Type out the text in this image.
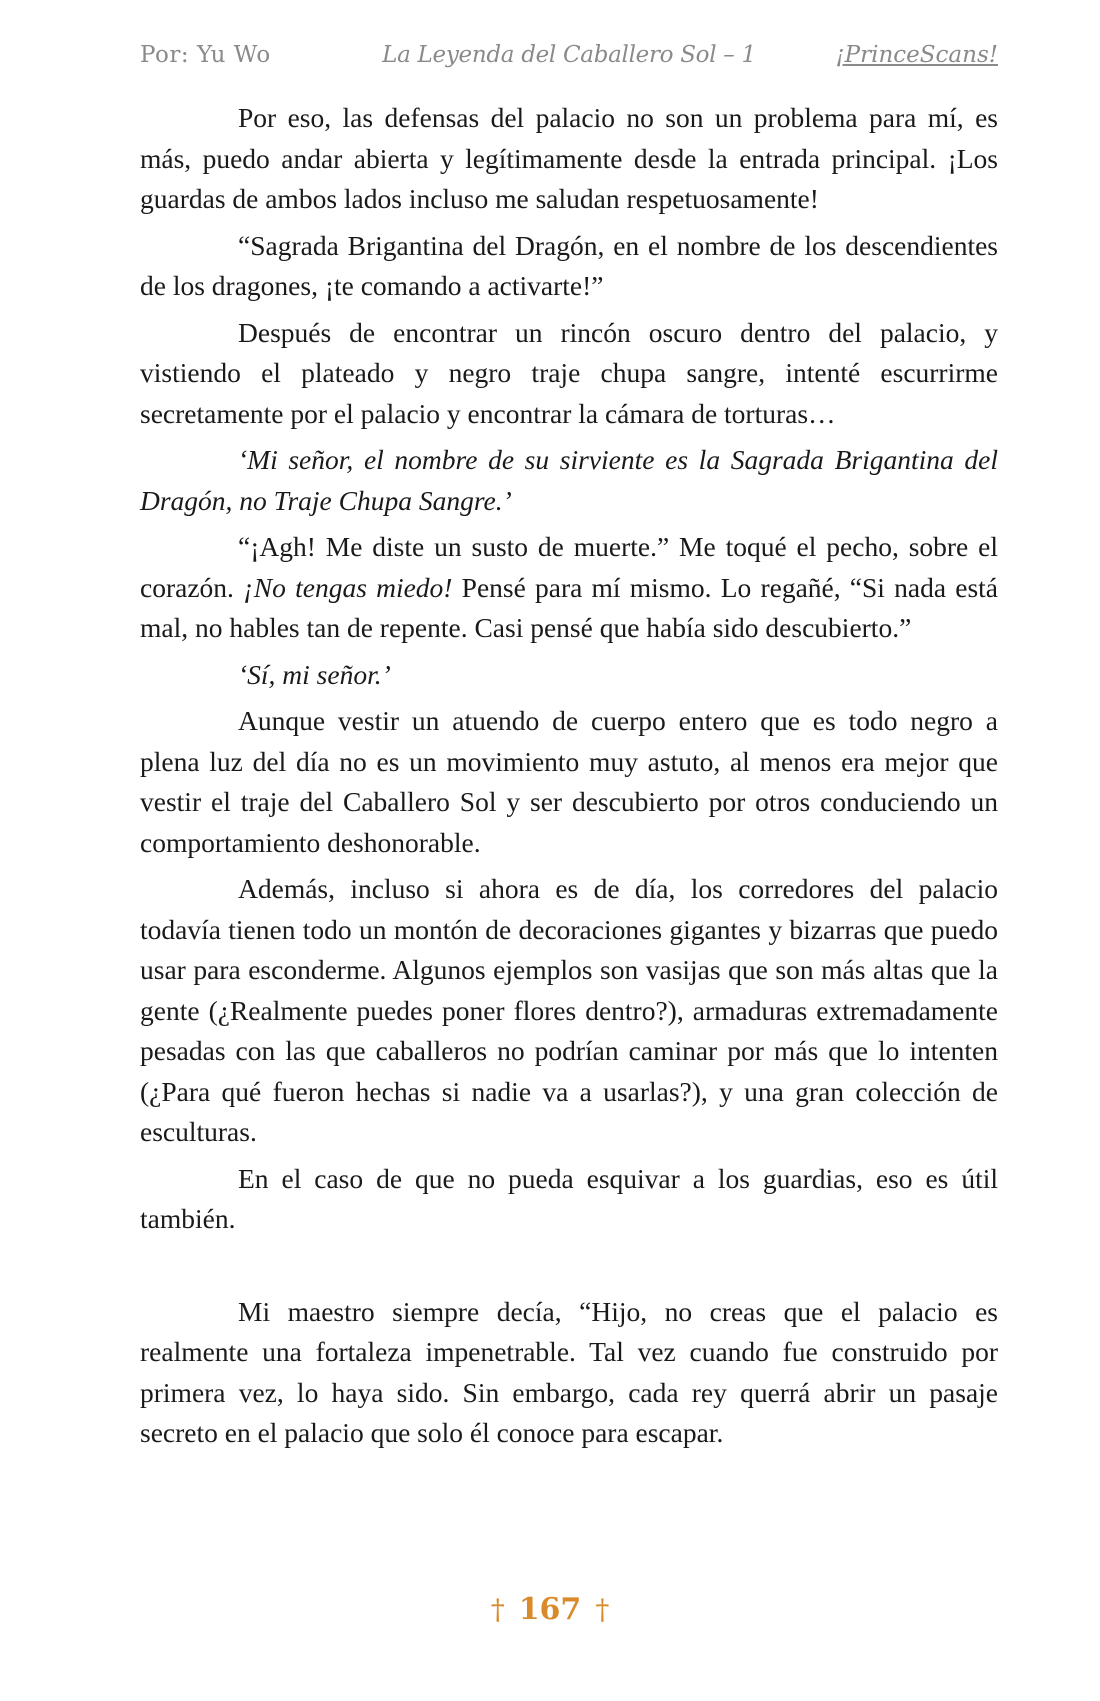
Por: Yu Wo	La Leyenda del Caballero Sol – 1	¡PrinceScans!

Por eso, las defensas del palacio no son un problema para mí, es más, puedo andar abierta y legítimamente desde la entrada principal. ¡Los guardas de ambos lados incluso me saludan respetuosamente!

“Sagrada Brigantina del Dragón, en el nombre de los descendientes de los dragones, ¡te comando a activarte!”

Después de encontrar un rincón oscuro dentro del palacio, y vistiendo el plateado y negro traje chupa sangre, intenté escurrirme secretamente por el palacio y encontrar la cámara de torturas…

‘Mi señor, el nombre de su sirviente es la Sagrada Brigantina del Dragón, no Traje Chupa Sangre.’

“¡Agh! Me diste un susto de muerte.” Me toqué el pecho, sobre el corazón. ¡No tengas miedo! Pensé para mí mismo. Lo regañé, “Si nada está mal, no hables tan de repente. Casi pensé que había sido descubierto.”

‘Sí, mi señor.’

Aunque vestir un atuendo de cuerpo entero que es todo negro a plena luz del día no es un movimiento muy astuto, al menos era mejor que vestir el traje del Caballero Sol y ser descubierto por otros conduciendo un comportamiento deshonorable.

Además, incluso si ahora es de día, los corredores del palacio todavía tienen todo un montón de decoraciones gigantes y bizarras que puedo usar para esconderme. Algunos ejemplos son vasijas que son más altas que la gente (¿Realmente puedes poner flores dentro?), armaduras extremadamente pesadas con las que caballeros no podrían caminar por más que lo intenten (¿Para qué fueron hechas si nadie va a usarlas?), y una gran colección de esculturas.

En el caso de que no pueda esquivar a los guardias, eso es útil también.

Mi maestro siempre decía, “Hijo, no creas que el palacio es realmente una fortaleza impenetrable. Tal vez cuando fue construido por primera vez, lo haya sido. Sin embargo, cada rey querrá abrir un pasaje secreto en el palacio que solo él conoce para escapar.

† 167 †
